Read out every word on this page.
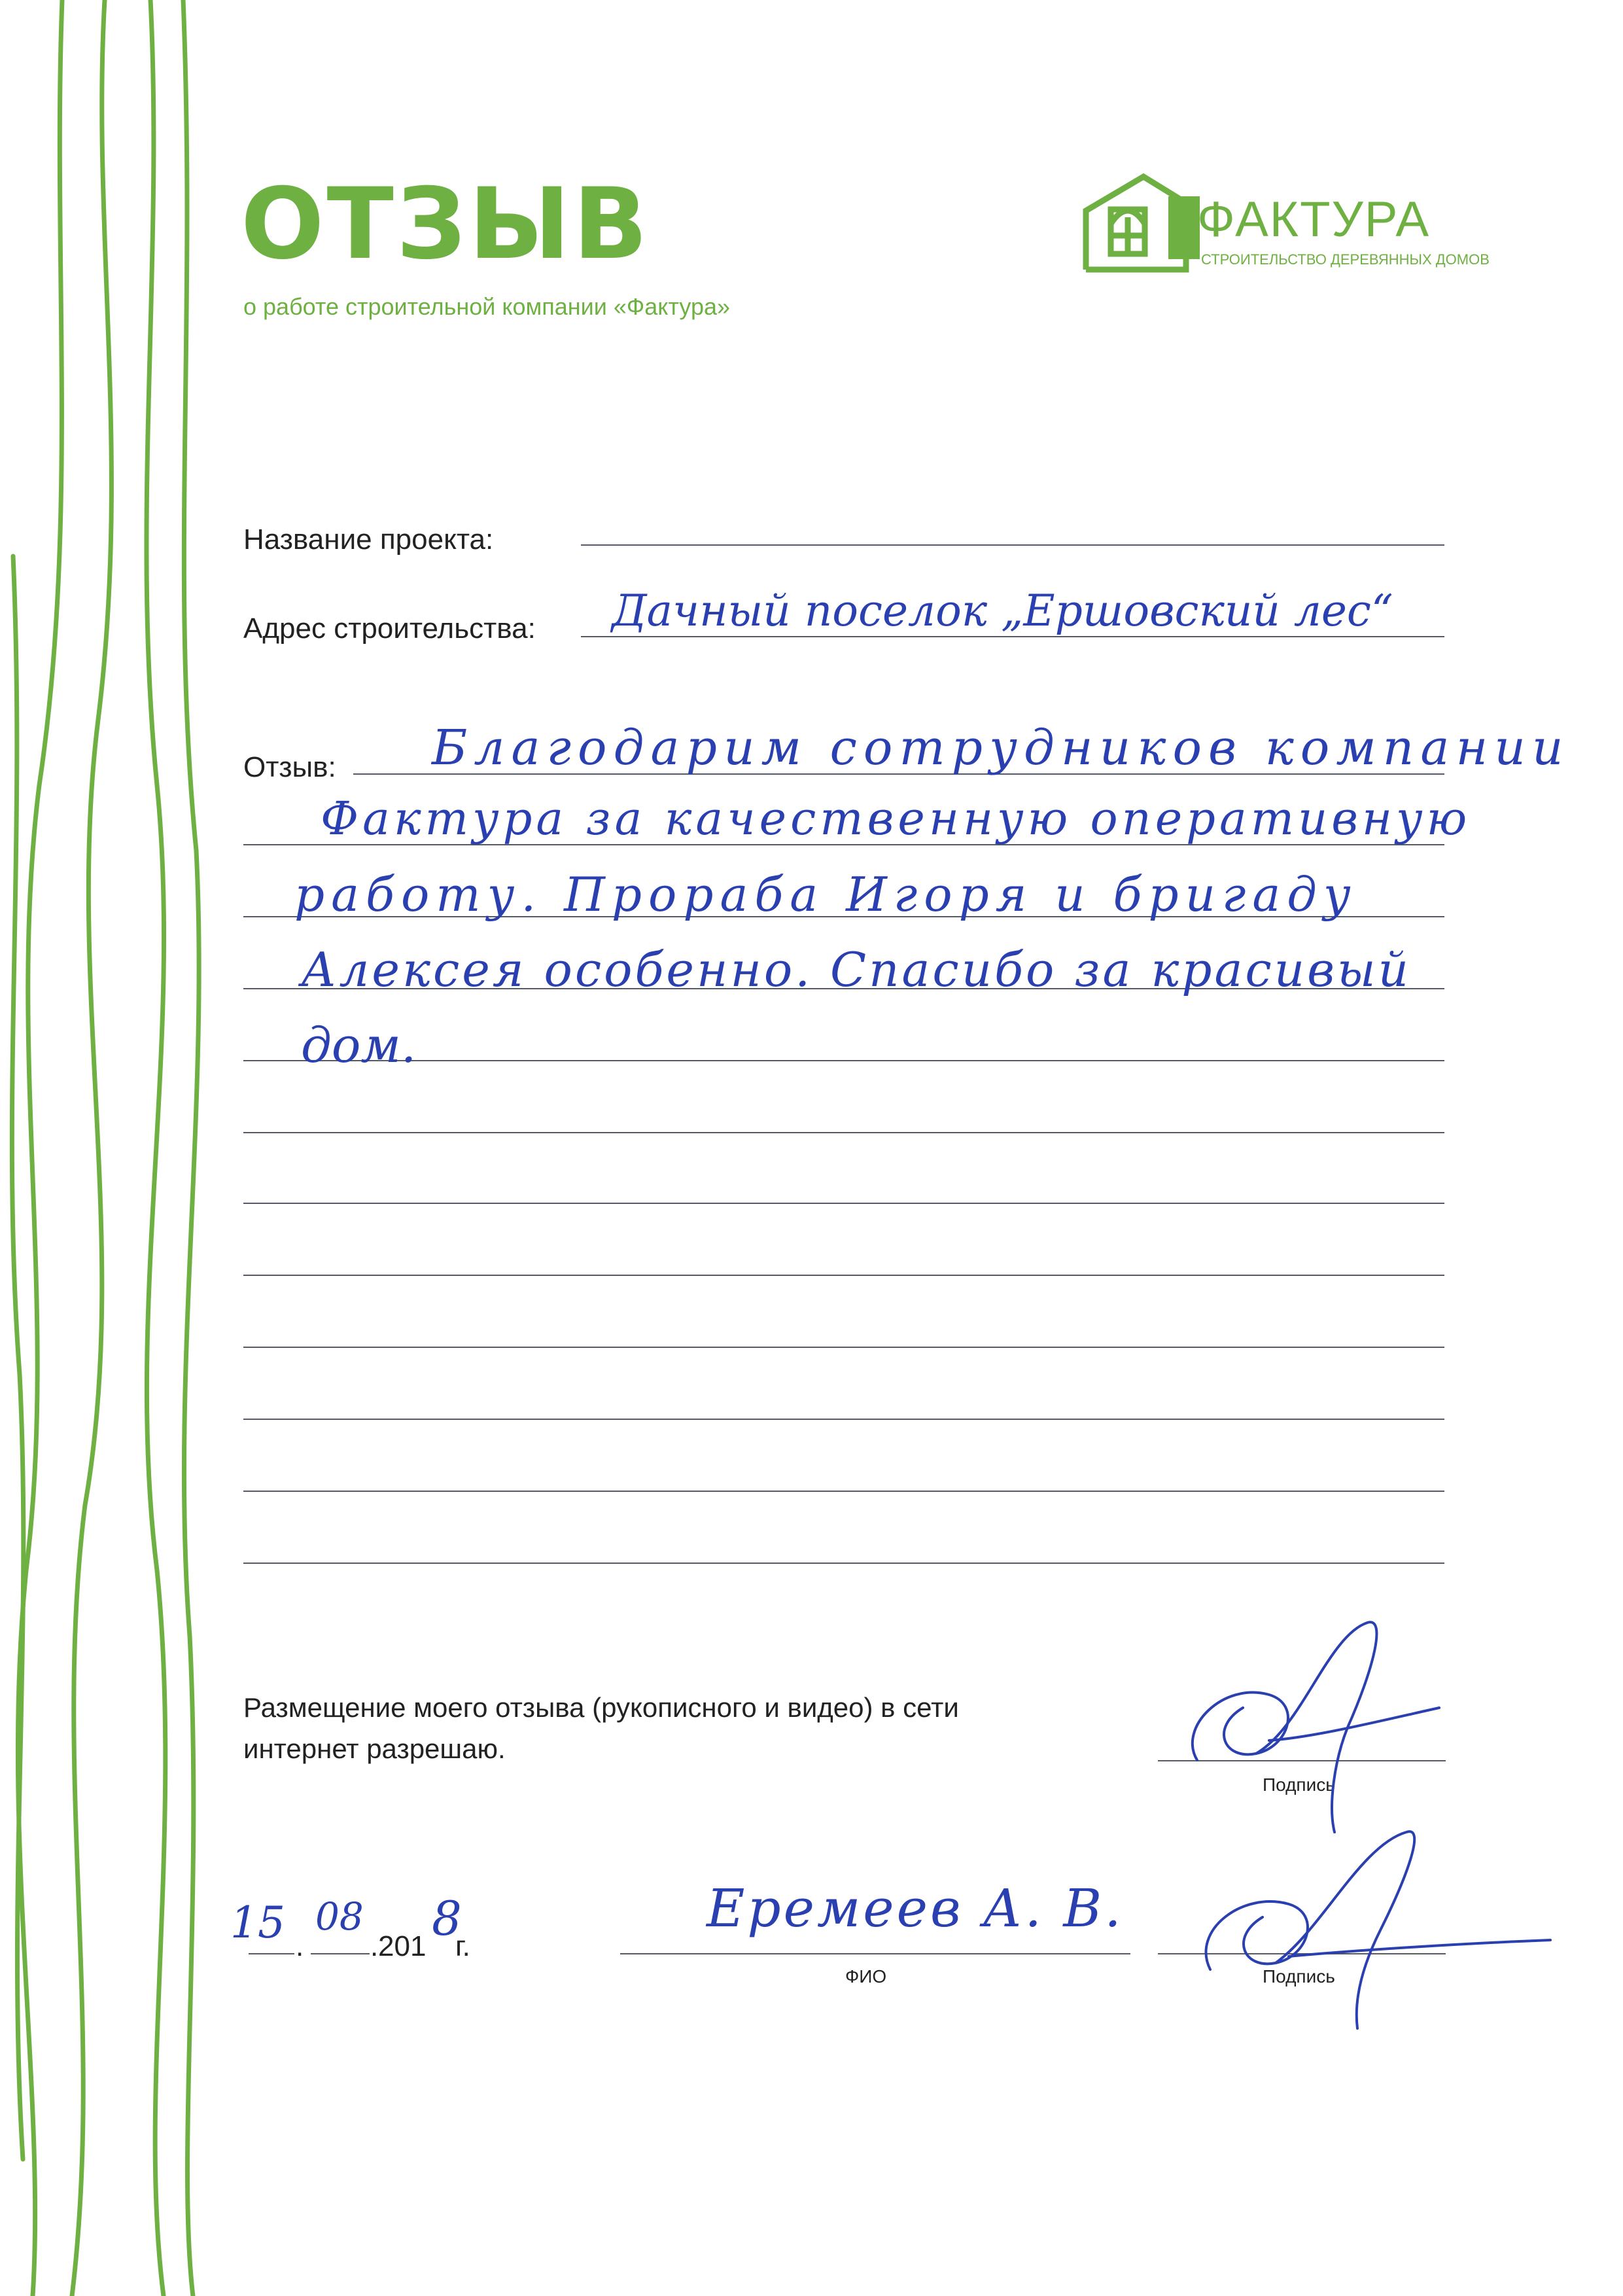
ОТЗЫВ
о работе строительной компании «Фактура»
ФАКТУРА
СТРОИТЕЛЬСТВО ДЕРЕВЯННЫХ ДОМОВ
Название проекта:
Адрес строительства: Дачный поселок „Ершовский лес“
Отзыв: Благодарим сотрудников компании
Фактура за качественную оперативную
работу. Прораба Игоря и бригаду
Алексея особенно. Спасибо за красивый
дом.
Размещение моего отзыва (рукописного и видео) в сети интернет разрешаю.
Подпись
15 .
08
. 201
8
г.
Еремеев А. В.
ФИО	Подпись
